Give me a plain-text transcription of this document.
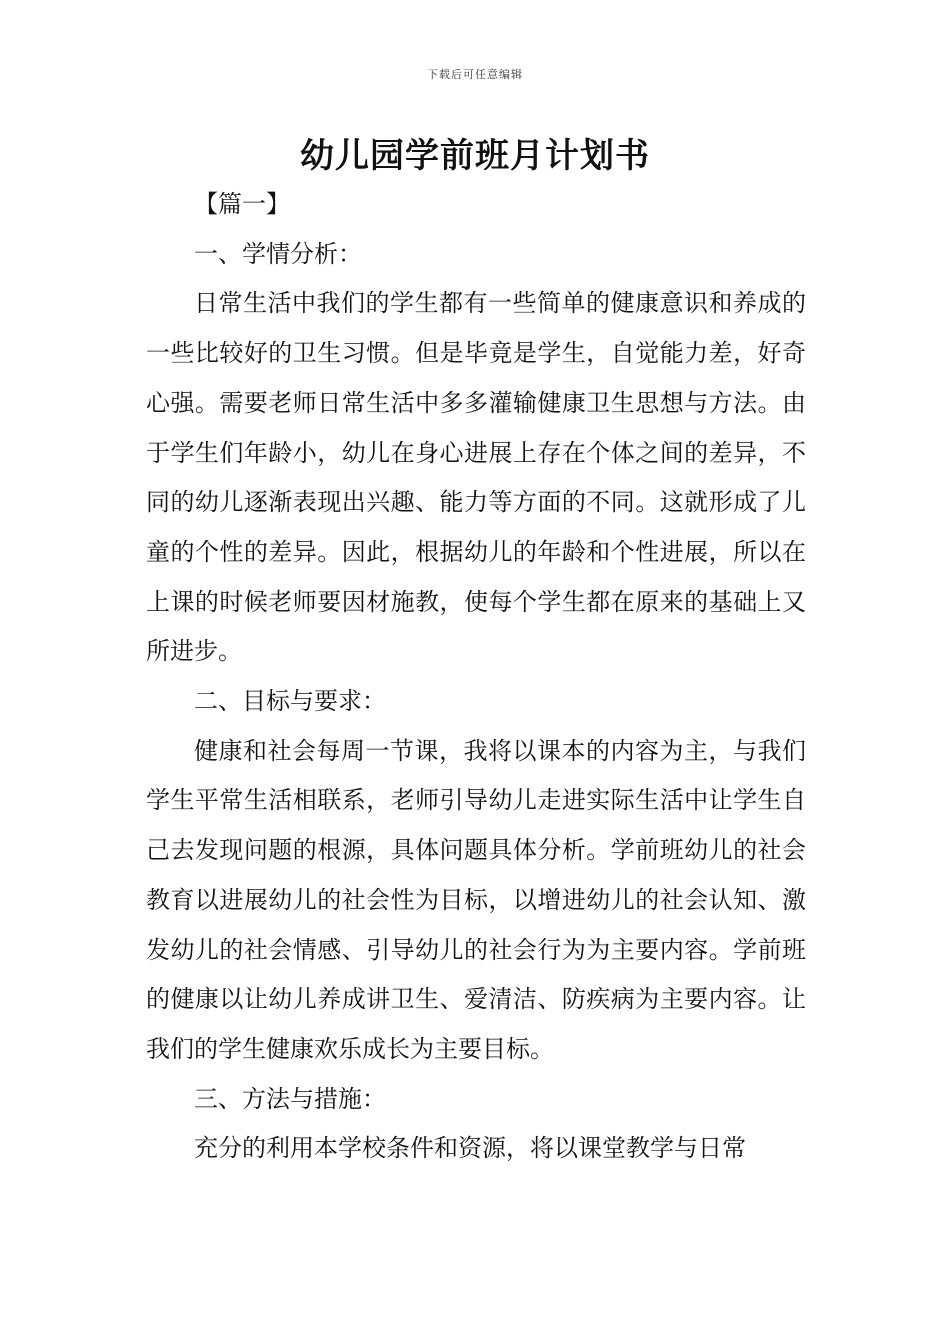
下载后可任意编辑
幼儿园学前班月计划书

【篇一】

一、学情分析：

日常生活中我们的学生都有一些简单的健康意识和养成的一些比较好的卫生习惯。但是毕竟是学生，自觉能力差，好奇心强。需要老师日常生活中多多灌输健康卫生思想与方法。由于学生们年龄小，幼儿在身心进展上存在个体之间的差异，不同的幼儿逐渐表现出兴趣、能力等方面的不同。这就形成了儿童的个性的差异。因此，根据幼儿的年龄和个性进展，所以在上课的时候老师要因材施教，使每个学生都在原来的基础上又所进步。

二、目标与要求：

健康和社会每周一节课，我将以课本的内容为主，与我们学生平常生活相联系，老师引导幼儿走进实际生活中让学生自己去发现问题的根源，具体问题具体分析。学前班幼儿的社会教育以进展幼儿的社会性为目标，以增进幼儿的社会认知、激发幼儿的社会情感、引导幼儿的社会行为为主要内容。学前班的健康以让幼儿养成讲卫生、爱清洁、防疾病为主要内容。让我们的学生健康欢乐成长为主要目标。

三、方法与措施：

充分的利用本学校条件和资源，将以课堂教学与日常
